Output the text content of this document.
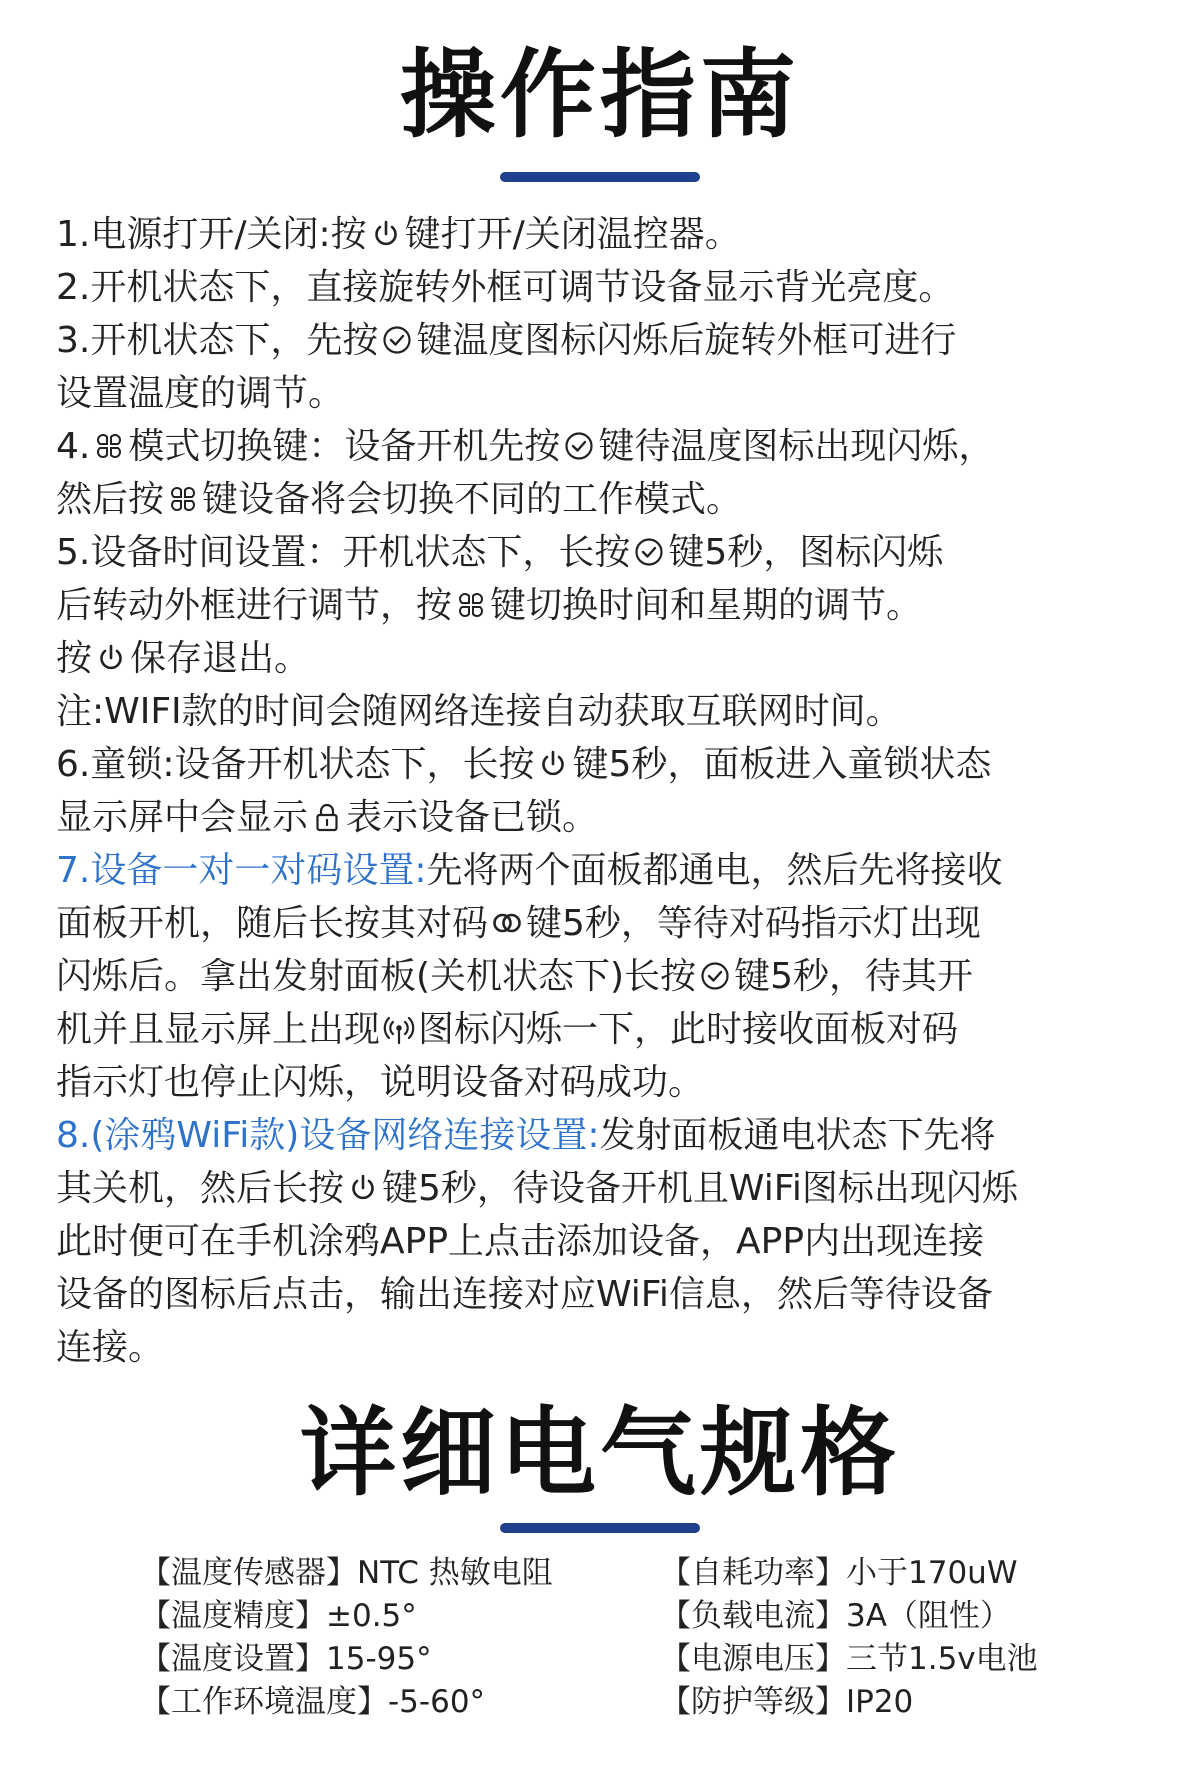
操作指南
1.电源打开/关闭:按 键打开/关闭温控器。
2.开机状态下，直接旋转外框可调节设备显示背光亮度。
3.开机状态下，先按 键温度图标闪烁后旋转外框可进行
设置温度的调节。
4. 模式切换键：设备开机先按 键待温度图标出现闪烁，
然后按 键设备将会切换不同的工作模式。
5.设备时间设置：开机状态下，长按 键5秒，图标闪烁
后转动外框进行调节，按 键切换时间和星期的调节。
按 保存退出。
注:WIFI款的时间会随网络连接自动获取互联网时间。
6.童锁:设备开机状态下，长按 键5秒，面板进入童锁状态
显示屏中会显示 表示设备已锁。
7.设备一对一对码设置:先将两个面板都通电，然后先将接收
面板开机，随后长按其对码 键5秒，等待对码指示灯出现
闪烁后。拿出发射面板(关机状态下)长按 键5秒，待其开
机并且显示屏上出现 图标闪烁一下，此时接收面板对码
指示灯也停止闪烁，说明设备对码成功。
8.(涂鸦WiFi款)设备网络连接设置:发射面板通电状态下先将
其关机，然后长按 键5秒，待设备开机且WiFi图标出现闪烁
此时便可在手机涂鸦APP上点击添加设备，APP内出现连接
设备的图标后点击，输出连接对应WiFi信息，然后等待设备
连接。
详细电气规格
【温度传感器】NTC 热敏电阻
【温度精度】±0.5°
【温度设置】15-95°
【工作环境温度】-5-60°
【自耗功率】小于170uW
【负载电流】3A（阻性）
【电源电压】三节1.5v电池
【防护等级】IP20
